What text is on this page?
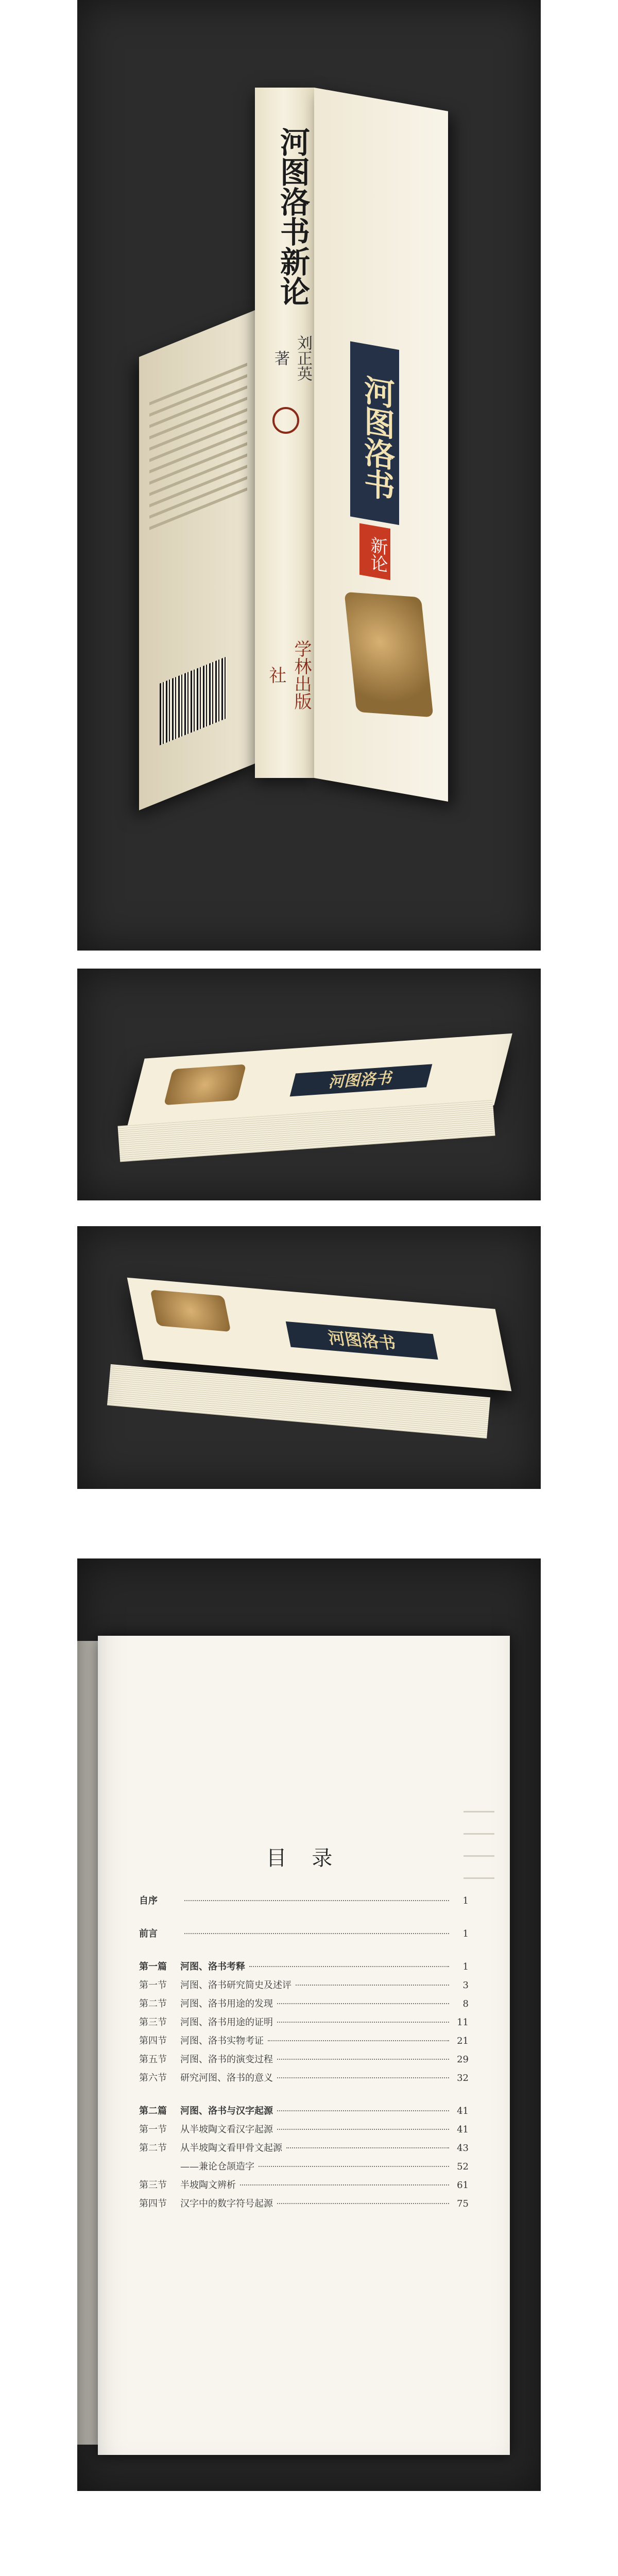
河图洛书新论
刘正英 著
学林出版社
河图洛书
新论
河图洛书
河图洛书
目 录
自序	1
前言	1
第一篇	河图、洛书考释	1
第一节	河图、洛书研究简史及述评	3
第二节	河图、洛书用途的发现	8
第三节	河图、洛书用途的证明	11
第四节	河图、洛书实物考证	21
第五节	河图、洛书的演变过程	29
第六节	研究河图、洛书的意义	32
第二篇	河图、洛书与汉字起源	41
第一节	从半坡陶文看汉字起源	41
第二节	从半坡陶文看甲骨文起源	43
——兼论仓颉造字	52
第三节	半坡陶文辨析	61
第四节	汉字中的数字符号起源	75
